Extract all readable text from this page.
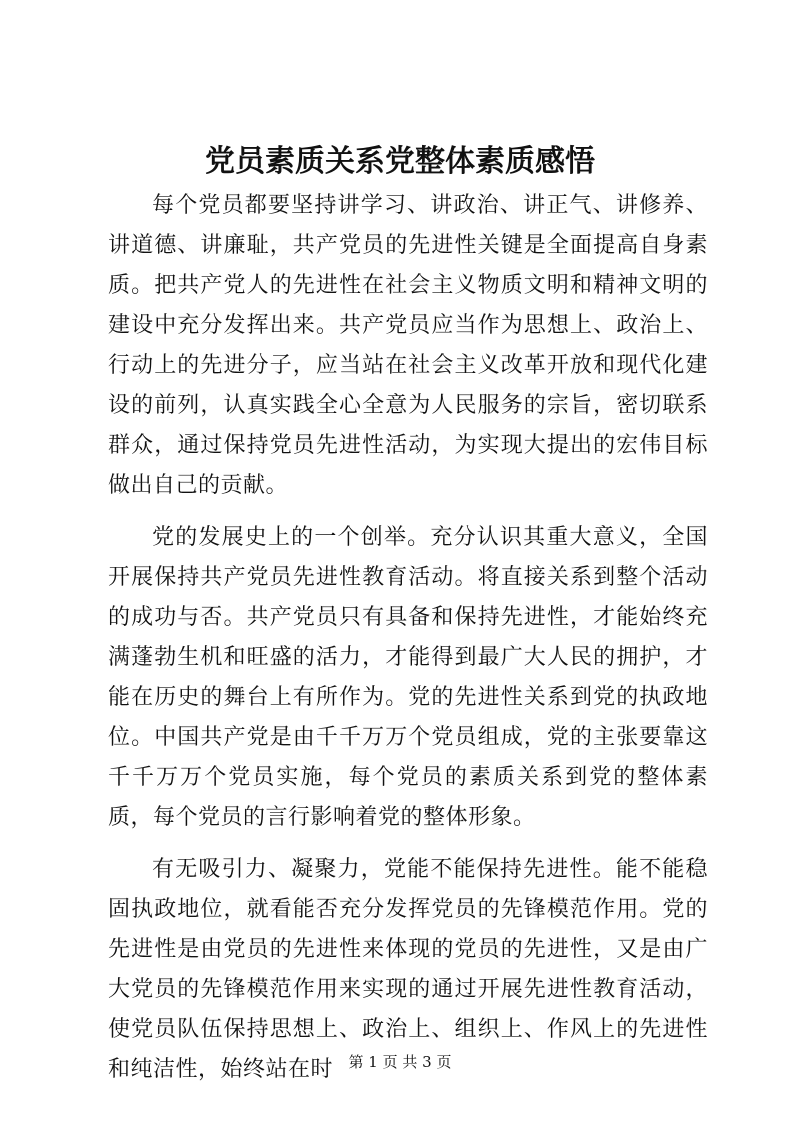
党员素质关系党整体素质感悟

每个党员都要坚持讲学习、讲政治、讲正气、讲修养、讲道德、讲廉耻，共产党员的先进性关键是全面提高自身素质。把共产党人的先进性在社会主义物质文明和精神文明的建设中充分发挥出来。共产党员应当作为思想上、政治上、行动上的先进分子，应当站在社会主义改革开放和现代化建设的前列，认真实践全心全意为人民服务的宗旨，密切联系群众，通过保持党员先进性活动，为实现大提出的宏伟目标做出自己的贡献。

党的发展史上的一个创举。充分认识其重大意义，全国开展保持共产党员先进性教育活动。将直接关系到整个活动的成功与否。共产党员只有具备和保持先进性，才能始终充满蓬勃生机和旺盛的活力，才能得到最广大人民的拥护，才能在历史的舞台上有所作为。党的先进性关系到党的执政地位。中国共产党是由千千万万个党员组成，党的主张要靠这千千万万个党员实施，每个党员的素质关系到党的整体素质，每个党员的言行影响着党的整体形象。

有无吸引力、凝聚力，党能不能保持先进性。能不能稳固执政地位，就看能否充分发挥党员的先锋模范作用。党的先进性是由党员的先进性来体现的党员的先进性，又是由广大党员的先锋模范作用来实现的通过开展先进性教育活动，使党员队伍保持思想上、政治上、组织上、作风上的先进性和纯洁性，始终站在时	第 1 页 共 3 页
